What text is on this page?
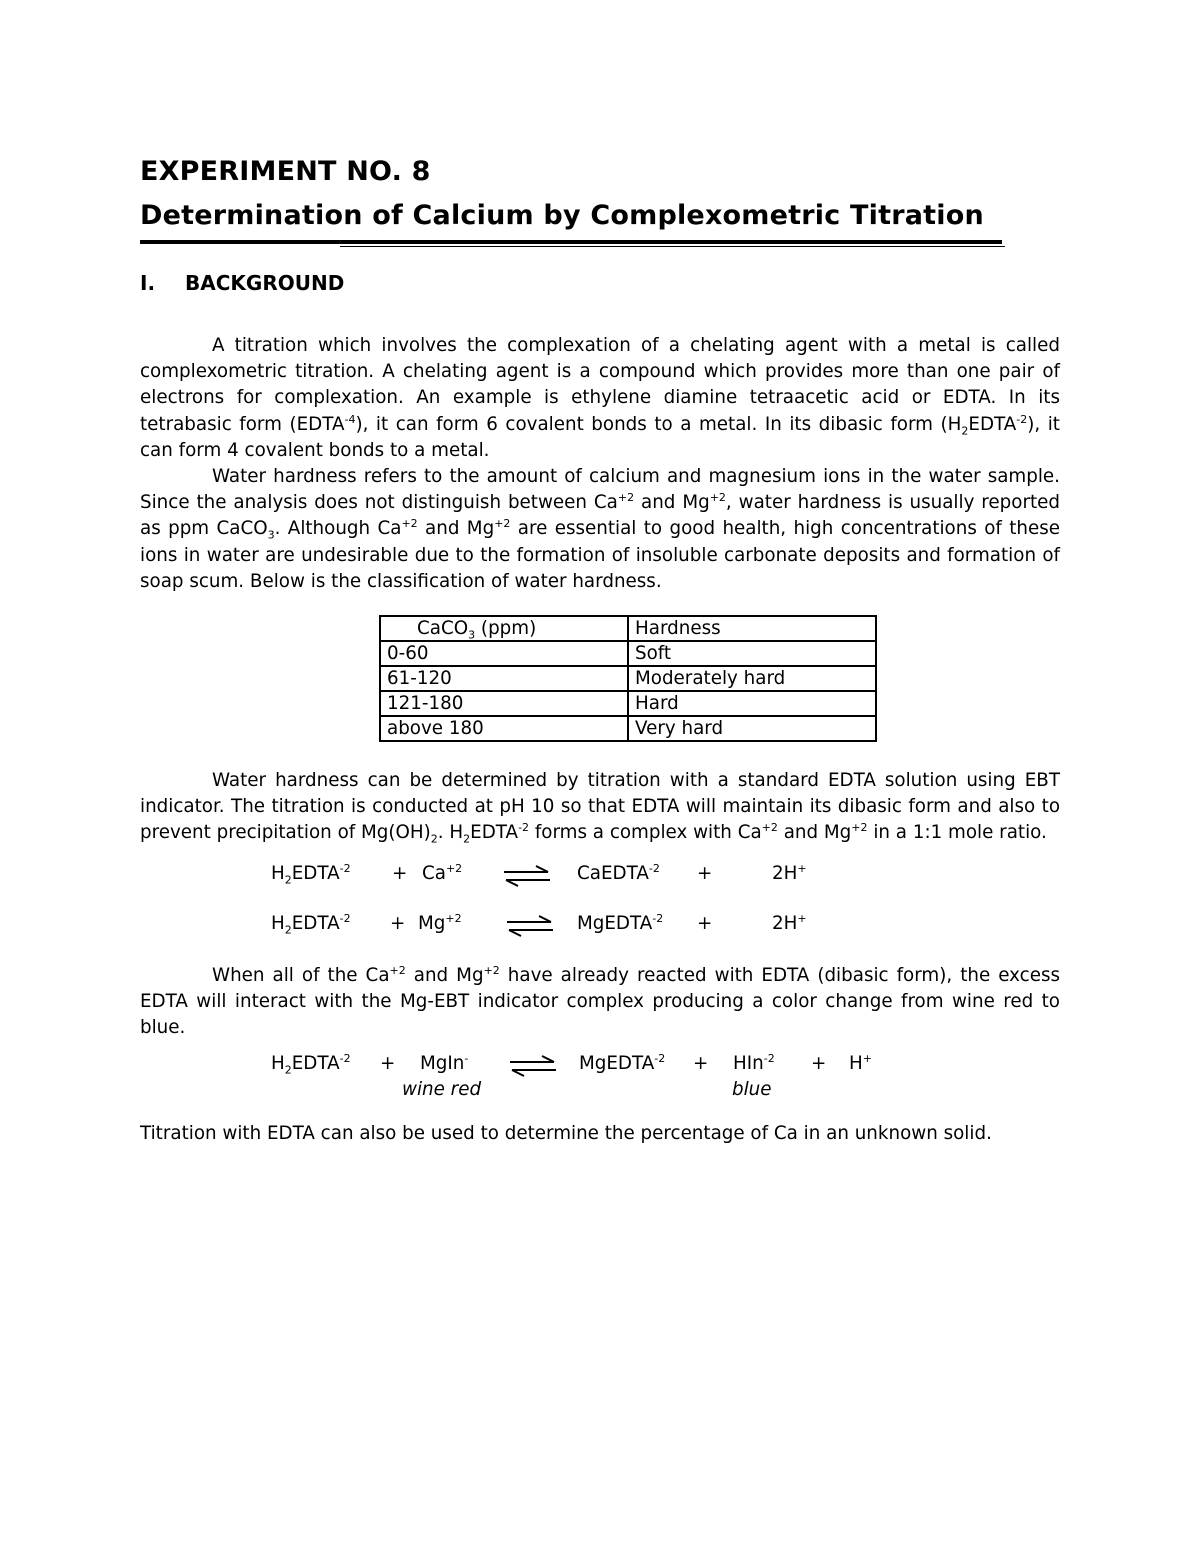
EXPERIMENT NO. 8
Determination of Calcium by Complexometric Titration
I.	BACKGROUND

A titration which involves the complexation of a chelating agent with a metal is called complexometric titration. A chelating agent is a compound which provides more than one pair of electrons for complexation. An example is ethylene diamine tetraacetic acid or EDTA. In its tetrabasic form $(EDTA^{-4})$, it can form 6 covalent bonds to a metal. In its dibasic form $(H_2EDTA^{-2})$, it can form 4 covalent bonds to a metal.

Water hardness refers to the amount of calcium and magnesium ions in the water sample. Since the analysis does not distinguish between $Ca^{+2}$ and $Mg^{+2}$, water hardness is usually reported as ppm CaCO$_3$. Although $Ca^{+2}$ and $Mg^{+2}$ are essential to good health, high concentrations of these ions in water are undesirable due to the formation of insoluble carbonate deposits and formation of soap scum. Below is the classification of water hardness.

CaCO$_3$ (ppm)	Hardness
0-60	Soft
61-120	Moderately hard
121-180	Hard
above 180	Very hard

Water hardness can be determined by titration with a standard EDTA solution using EBT indicator. The titration is conducted at pH 10 so that EDTA will maintain its dibasic form and also to prevent precipitation of $Mg(OH)_2$. $H_2EDTA^{-2}$ forms a complex with $Ca^{+2}$ and $Mg^{+2}$ in a 1:1 mole ratio.

$H_2EDTA^{-2} + Ca^{+2}$ ⇌ CaEDTA$^{-2}$ +	2H+
$H_2EDTA^{-2} + Mg^{+2}$ ⇌ MgEDTA$^{-2}$ +	2H+

When all of the $Ca^{+2}$ and $Mg^{+2}$ have already reacted with EDTA (dibasic form), the excess EDTA will interact with the Mg-EBT indicator complex producing a color change from wine red to blue.

$H_2EDTA^{-2}$ + MgIn-
wine red
⇌ MgEDTA$^{-2}$ + HIn$^{-2}$
blue
+ H+

Titration with EDTA can also be used to determine the percentage of Ca in an unknown solid.
